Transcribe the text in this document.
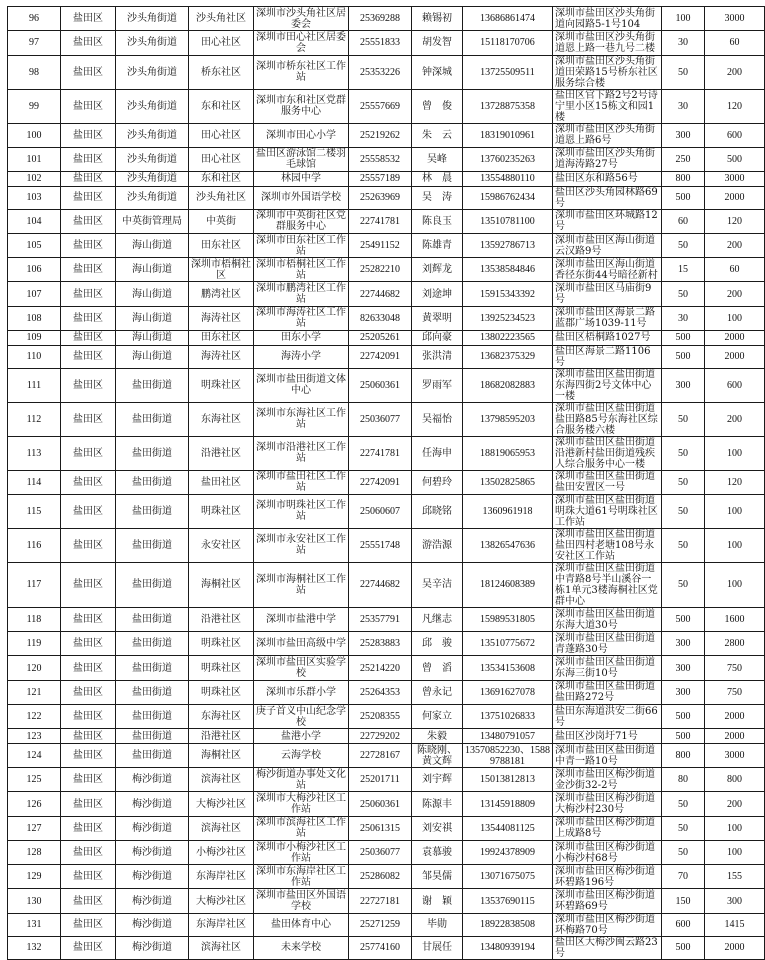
96	盐田区	沙头角街道	沙头角社区	深圳市沙头角社区居委会	25369288	赖锡初	13686861474	深圳市盐田区沙头角街道向园路5-1号104	100	3000
97	盐田区	沙头角街道	田心社区	深圳市田心社区居委会	25551833	胡发智	15118170706	深圳市盐田区沙头角街道恩上路一巷九号二楼	30	60
98	盐田区	沙头角街道	桥东社区	深圳市桥东社区工作站	25353226	钟深城	13725509511	深圳市盐田区沙头角街道田荣路15号桥东社区服务综合楼	50	200
99	盐田区	沙头角街道	东和社区	深圳市东和社区党群服务中心	25557669	曾　俊	13728875358	盐田区官下路2号2号诗宁里小区15栋文和园1楼	30	120
100	盐田区	沙头角街道	田心社区	深圳市田心小学	25219262	朱　云	18319010961	深圳市盐田区沙头角街道恩上路6号	300	600
101	盐田区	沙头角街道	田心社区	盐田区游泳馆二楼羽毛球馆	25558532	吴峰	13760235263	深圳市盐田区沙头角街道海涛路27号	250	500
102	盐田区	沙头角街道	东和社区	林园中学	25557189	林　晨	13554880110	盐田区东和路56号	800	3000
103	盐田区	沙头角街道	沙头角社区	深圳市外国语学校	25263969	吴　涛	15986762434	盐田区沙头角园林路69号	500	2000
104	盐田区	中英街管理局	中英街	深圳市中英街社区党群服务中心	22741781	陈良玉	13510781100	深圳市盐田区环城路12号	60	120
105	盐田区	海山街道	田东社区	深圳市田东社区工作站	25491152	陈雄青	13592786713	深圳市盐田区海山街道云汉路9号	50	200
106	盐田区	海山街道	深圳市梧桐社区	深圳市梧桐社区工作站	25282210	刘辉龙	13538584846	深圳市盐田区海山街道香径东街44号暗径新村	15	60
107	盐田区	海山街道	鹏湾社区	深圳市鹏湾社区工作站	22744682	刘途坤	15915343392	深圳市盐田区马庙街9号	50	200
108	盐田区	海山街道	海涛社区	深圳市海涛社区工作站	82633048	黄翠明	13925234523	深圳市盐田区海景二路蓝郡广场1039-11号	30	100
109	盐田区	海山街道	田东社区	田东小学	25205261	邱向豪	13802223565	盐田区梧桐路1027号	500	2000
110	盐田区	海山街道	海涛社区	海涛小学	22742091	张洪清	13682375329	盐田区海景二路1106号	500	2000
111	盐田区	盐田街道	明珠社区	深圳市盐田街道文体中心	25060361	罗雨军	18682082883	深圳市盐田区盐田街道东海四街2号文体中心一楼	300	600
112	盐田区	盐田街道	东海社区	深圳市东海社区工作站	25036077	吴福怡	13798595203	深圳市盐田区盐田街道盐田路85号东海社区综合服务楼六楼	50	200
113	盐田区	盐田街道	沿港社区	深圳市沿港社区工作站	22741781	任海申	18819065953	深圳市盐田区盐田街道沿港新村盐田街道残疾人综合服务中心一楼	50	100
114	盐田区	盐田街道	盐田社区	深圳市盐田社区工作站	22742091	何碧玲	13502825865	深圳市盐田区盐田街道盐田安置区一号	50	120
115	盐田区	盐田街道	明珠社区	深圳市明珠社区工作站	25060607	邱晓铭	1360961918	深圳市盐田区盐田街道明珠大道61号明珠社区工作站	50	100
116	盐田区	盐田街道	永安社区	深圳市永安社区工作站	25551748	游浩源	13826547636	深圳市盐田区盐田街道盐田四村老塘108号永安社区工作站	50	100
117	盐田区	盐田街道	海桐社区	深圳市海桐社区工作站	22744682	吴辛洁	18124608389	深圳市盐田区盐田街道中青路8号半山溪谷一栋1单元3楼海桐社区党群中心	50	100
118	盐田区	盐田街道	沿港社区	深圳市盐港中学	25357791	凡继志	15989531805	深圳市盐田区盐田街道东海大道30号	500	1600
119	盐田区	盐田街道	明珠社区	深圳市盐田高级中学	25283883	邱　骏	13510775672	深圳市盐田区盐田街道青蓬路30号	300	2800
120	盐田区	盐田街道	明珠社区	深圳市盐田区实验学校	25214220	曾　滔	13534153608	深圳市盐田区盐田街道东海三街10号	300	750
121	盐田区	盐田街道	明珠社区	深圳市乐群小学	25264353	曾永记	13691627078	深圳市盐田区盐田街道盐田路272号	300	750
122	盐田区	盐田街道	东海社区	庚子首义中山纪念学校	25208355	何家立	13751026833	盐田东海道洪安二街66号	500	2000
123	盐田区	盐田街道	沿港社区	盐港小学	22729202	朱毅	13480791057	盐田区沙岗圩71号	500	2000
124	盐田区	盐田街道	海桐社区	云海学校	22728167	陈晓刚、黄文辉	13570852230、15889788181	深圳市盐田区盐田街道中青一路10号	800	3000
125	盐田区	梅沙街道	滨海社区	梅沙街道办事处文化站	25201711	刘宇辉	15013812813	深圳市盐田区梅沙街道金沙街32-2号	80	800
126	盐田区	梅沙街道	大梅沙社区	深圳市大梅沙社区工作站	25060361	陈源丰	13145918809	深圳市盐田区梅沙街道大梅沙村230号	50	200
127	盐田区	梅沙街道	滨海社区	深圳市滨海社区工作站	25061315	刘安祺	13544081125	深圳市盐田区梅沙街道上成路8号	50	100
128	盐田区	梅沙街道	小梅沙社区	深圳市小梅沙社区工作站	25036077	袁慕骏	19924378909	深圳市盐田区梅沙街道小梅沙村68号	50	100
129	盐田区	梅沙街道	东海岸社区	深圳市东海岸社区工作站	25286082	邹昊儒	13071675075	深圳市盐田区梅沙街道环碧路196号	70	155
130	盐田区	梅沙街道	大梅沙社区	深圳市盐田区外国语学校	22727181	谢　颖	13537690115	深圳市盐田区梅沙街道环碧路69号	150	300
131	盐田区	梅沙街道	东海岸社区	盐田体育中心	25271259	毕勋	18922838508	深圳市盐田区梅沙街道环梅路70号	600	1415
132	盐田区	梅沙街道	滨海社区	未来学校	25774160	甘展任	13480939194	盐田区大梅沙闽云路23号	500	2000
